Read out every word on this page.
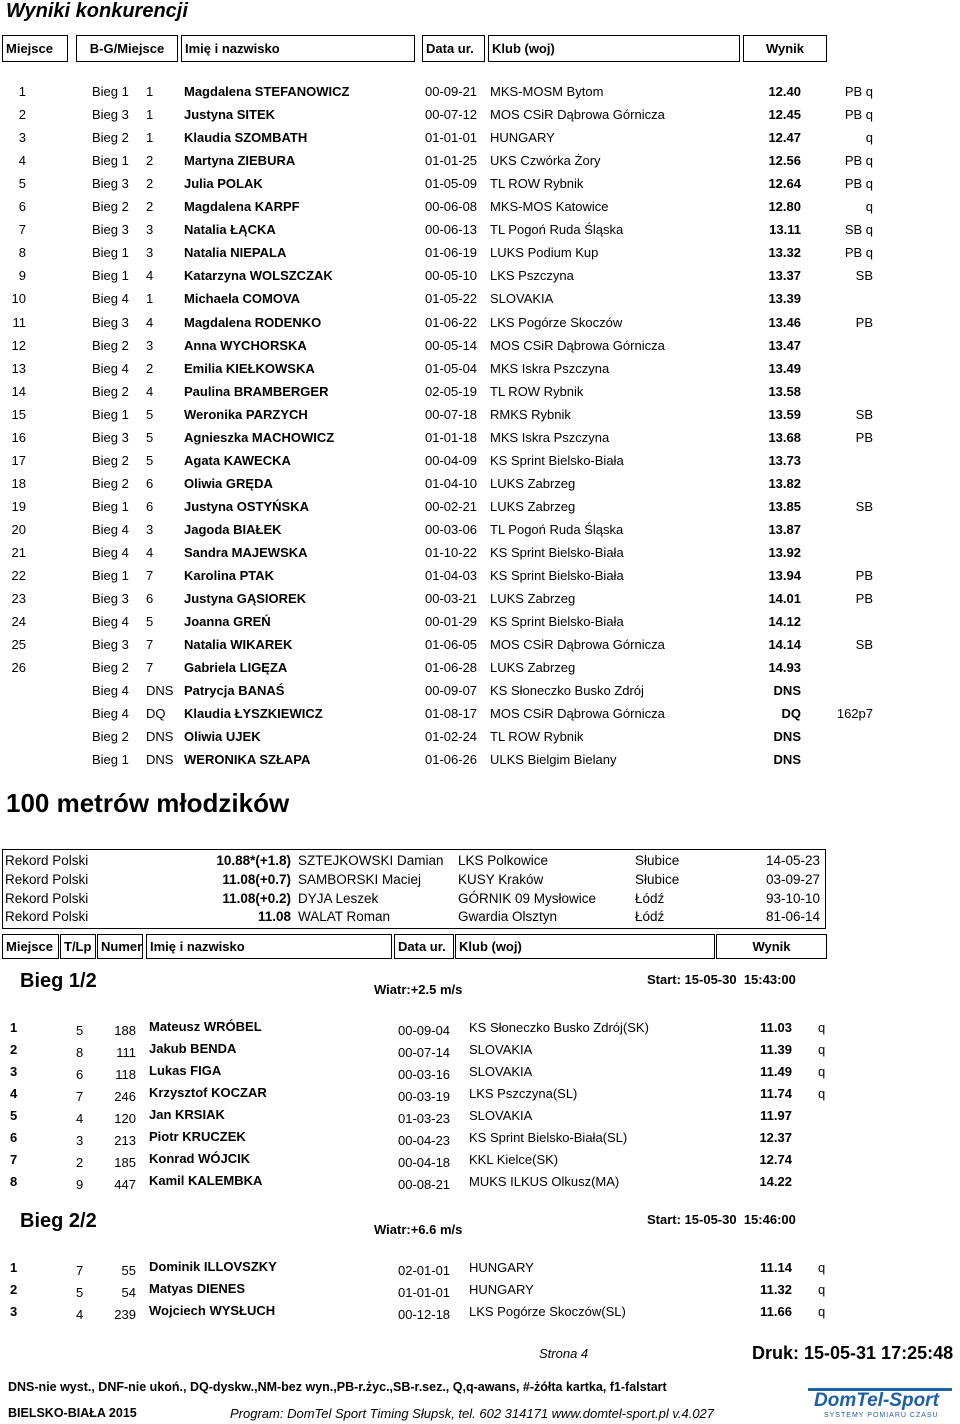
Wyniki konkurencji
Miejsce	B-G/Miejsce	Imię i nazwisko	Data ur.	Klub (woj)	Wynik
1	Bieg 1 1 Magdalena STEFANOWICZ	00-09-21 MKS-MOSM Bytom	12.40	PB q
2	Bieg 3 1 Justyna SITEK	00-07-12 MOS CSiR Dąbrowa Górnicza	12.45	PB q
3	Bieg 2 1 Klaudia SZOMBATH	01-01-01 HUNGARY	12.47	q
4	Bieg 1 2 Martyna ZIEBURA	01-01-25 UKS Czwórka Żory	12.56	PB q
5	Bieg 3 2 Julia POLAK	01-05-09 TL ROW Rybnik	12.64	PB q
6	Bieg 2 2 Magdalena KARPF	00-06-08 MKS-MOS Katowice	12.80	q
7	Bieg 3 3 Natalia ŁĄCKA	00-06-13 TL Pogoń Ruda Śląska	13.11	SB q
8	Bieg 1 3 Natalia NIEPALA	01-06-19 LUKS Podium Kup	13.32	PB q
9	Bieg 1 4 Katarzyna WOLSZCZAK	00-05-10 LKS Pszczyna	13.37	SB
10	Bieg 4 1 Michaela COMOVA	01-05-22 SLOVAKIA	13.39
11	Bieg 3 4 Magdalena RODENKO	01-06-22 LKS Pogórze Skoczów	13.46	PB
12	Bieg 2 3 Anna WYCHORSKA	00-05-14 MOS CSiR Dąbrowa Górnicza	13.47
13	Bieg 4 2 Emilia KIEŁKOWSKA	01-05-04 MKS Iskra Pszczyna	13.49
14	Bieg 2 4 Paulina BRAMBERGER	02-05-19 TL ROW Rybnik	13.58
15	Bieg 1 5 Weronika PARZYCH	00-07-18 RMKS Rybnik	13.59	SB
16	Bieg 3 5 Agnieszka MACHOWICZ	01-01-18 MKS Iskra Pszczyna	13.68	PB
17	Bieg 2 5 Agata KAWECKA	00-04-09 KS Sprint Bielsko-Biała	13.73
18	Bieg 2 6 Oliwia GRĘDA	01-04-10 LUKS Zabrzeg	13.82
19	Bieg 1 6 Justyna OSTYŃSKA	00-02-21 LUKS Zabrzeg	13.85	SB
20	Bieg 4 3 Jagoda BIAŁEK	00-03-06 TL Pogoń Ruda Śląska	13.87
21	Bieg 4 4 Sandra MAJEWSKA	01-10-22 KS Sprint Bielsko-Biała	13.92
22	Bieg 1 7 Karolina PTAK	01-04-03 KS Sprint Bielsko-Biała	13.94	PB
23	Bieg 3 6 Justyna GĄSIOREK	00-03-21 LUKS Zabrzeg	14.01	PB
24	Bieg 4 5 Joanna GREŃ	00-01-29 KS Sprint Bielsko-Biała	14.12
25	Bieg 3 7 Natalia WIKAREK	01-06-05 MOS CSiR Dąbrowa Górnicza	14.14	SB
26	Bieg 2 7 Gabriela LIGĘZA	01-06-28 LUKS Zabrzeg	14.93
Bieg 4 DNS Patrycja BANAŚ	00-09-07 KS Słoneczko Busko Zdrój	DNS
Bieg 4 DQ Klaudia ŁYSZKIEWICZ	01-08-17 MOS CSiR Dąbrowa Górnicza	DQ	162p7
Bieg 2 DNS Oliwia UJEK	01-02-24 TL ROW Rybnik	DNS
Bieg 1 DNS WERONIKA SZŁAPA	01-06-26 ULKS Bielgim Bielany	DNS
100 metrów młodzików
Rekord Polski	10.88*(+1.8) SZTEJKOWSKI Damian LKS Polkowice	Słubice	14-05-23
Rekord Polski	11.08(+0.7) SAMBORSKI Maciej	KUSY Kraków	Słubice	03-09-27
Rekord Polski	11.08(+0.2) DYJA Leszek	GÓRNIK 09 Mysłowice	Łódź	93-10-10
Rekord Polski	11.08 WALAT Roman	Gwardia Olsztyn	Łódź	81-06-14
Miejsce T/Lp Numer Imię i nazwisko	Data ur.	Klub (woj)	Wynik
Bieg 1/2	Wiatr:+2.5 m/s
Start: 15-05-30  15:43:00
1	5 188 Mateusz WRÓBEL	00-09-04 KS Słoneczko Busko Zdrój(SK)	11.03 q
2	8	111 Jakub BENDA	00-07-14 SLOVAKIA	11.39 q
3	6 118 Lukas FIGA	00-03-16 SLOVAKIA	11.49 q
4	7 246 Krzysztof KOCZAR	00-03-19 LKS Pszczyna(SL)	11.74 q
5	4 120 Jan KRSIAK	01-03-23 SLOVAKIA	11.97
6	3 213 Piotr KRUCZEK	00-04-23 KS Sprint Bielsko-Biała(SL)	12.37
7	2 185 Konrad WÓJCIK	00-04-18 KKL Kielce(SK)	12.74
8	9 447 Kamil KALEMBKA	00-08-21 MUKS ILKUS Olkusz(MA)	14.22
Bieg 2/2	Wiatr:+6.6 m/s
Start: 15-05-30  15:46:00
1	7	55 Dominik ILLOVSZKY	02-01-01 HUNGARY	11.14 q
2	5	54 Matyas DIENES	01-01-01 HUNGARY	11.32 q
3	4 239 Wojciech WYSŁUCH	00-12-18 LKS Pogórze Skoczów(SL)	11.66 q
Strona 4	Druk: 15-05-31 17:25:48
DNS-nie wyst., DNF-nie ukoń., DQ-dyskw.,NM-bez wyn.,PB-r.życ.,SB-r.sez., Q,q-awans, #-żółta kartka, f1-falstart
BIELSKO-BIAŁA 2015	Program: DomTel Sport Timing Słupsk, tel. 602 314171 www.domtel-sport.pl v.4.027
DomTel-Sport
SYSTEMY POMIARU CZASU
